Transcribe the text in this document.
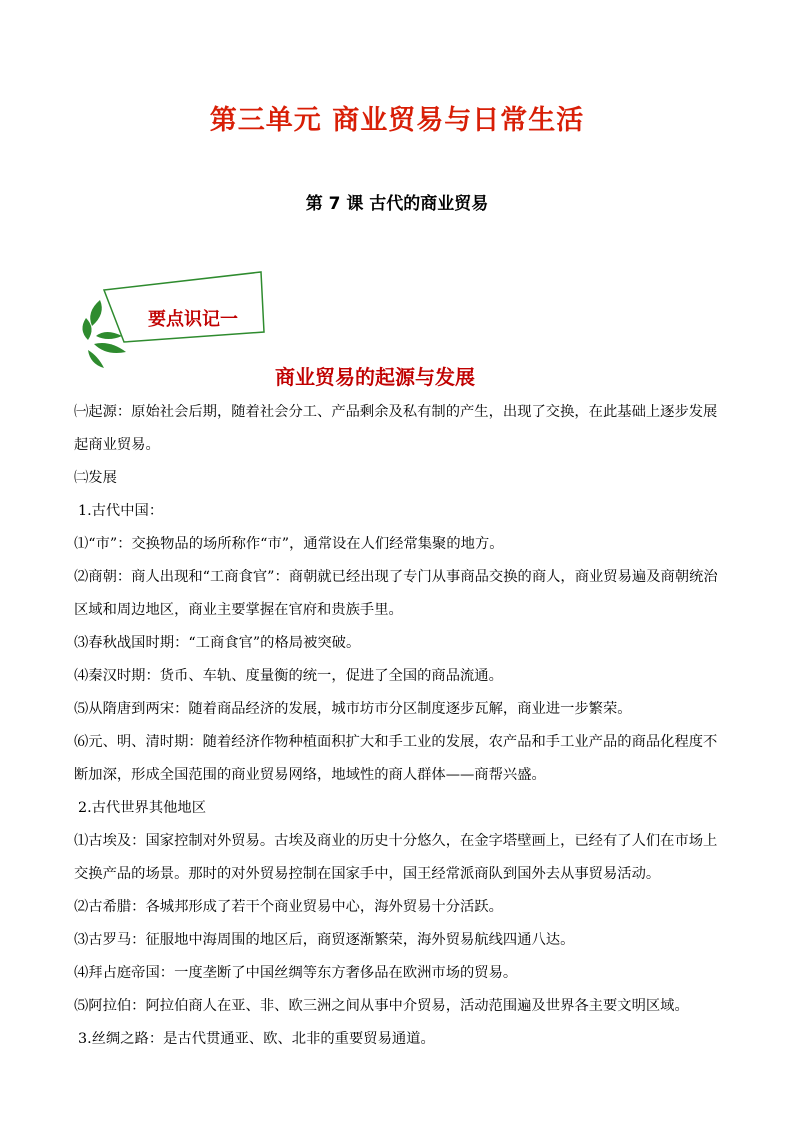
第三单元 商业贸易与日常生活
第 7 课 古代的商业贸易
要点识记一
商业贸易的起源与发展

㈠起源：原始社会后期，随着社会分工、产品剩余及私有制的产生，出现了交换，在此基础上逐步发展起商业贸易。

㈡发展

1.古代中国：

⑴“市”：交换物品的场所称作“市”，通常设在人们经常集聚的地方。

⑵商朝：商人出现和“工商食官”：商朝就已经出现了专门从事商品交换的商人，商业贸易遍及商朝统治区域和周边地区，商业主要掌握在官府和贵族手里。

⑶春秋战国时期：“工商食官”的格局被突破。

⑷秦汉时期：货币、车轨、度量衡的统一，促进了全国的商品流通。

⑸从隋唐到两宋：随着商品经济的发展，城市坊市分区制度逐步瓦解，商业进一步繁荣。

⑹元、明、清时期：随着经济作物种植面积扩大和手工业的发展，农产品和手工业产品的商品化程度不断加深，形成全国范围的商业贸易网络，地域性的商人群体——商帮兴盛。

2.古代世界其他地区

⑴古埃及：国家控制对外贸易。古埃及商业的历史十分悠久，在金字塔壁画上，已经有了人们在市场上交换产品的场景。那时的对外贸易控制在国家手中，国王经常派商队到国外去从事贸易活动。

⑵古希腊：各城邦形成了若干个商业贸易中心，海外贸易十分活跃。

⑶古罗马：征服地中海周围的地区后，商贸逐渐繁荣，海外贸易航线四通八达。

⑷拜占庭帝国：一度垄断了中国丝绸等东方奢侈品在欧洲市场的贸易。

⑸阿拉伯：阿拉伯商人在亚、非、欧三洲之间从事中介贸易，活动范围遍及世界各主要文明区域。

3.丝绸之路：是古代贯通亚、欧、北非的重要贸易通道。
